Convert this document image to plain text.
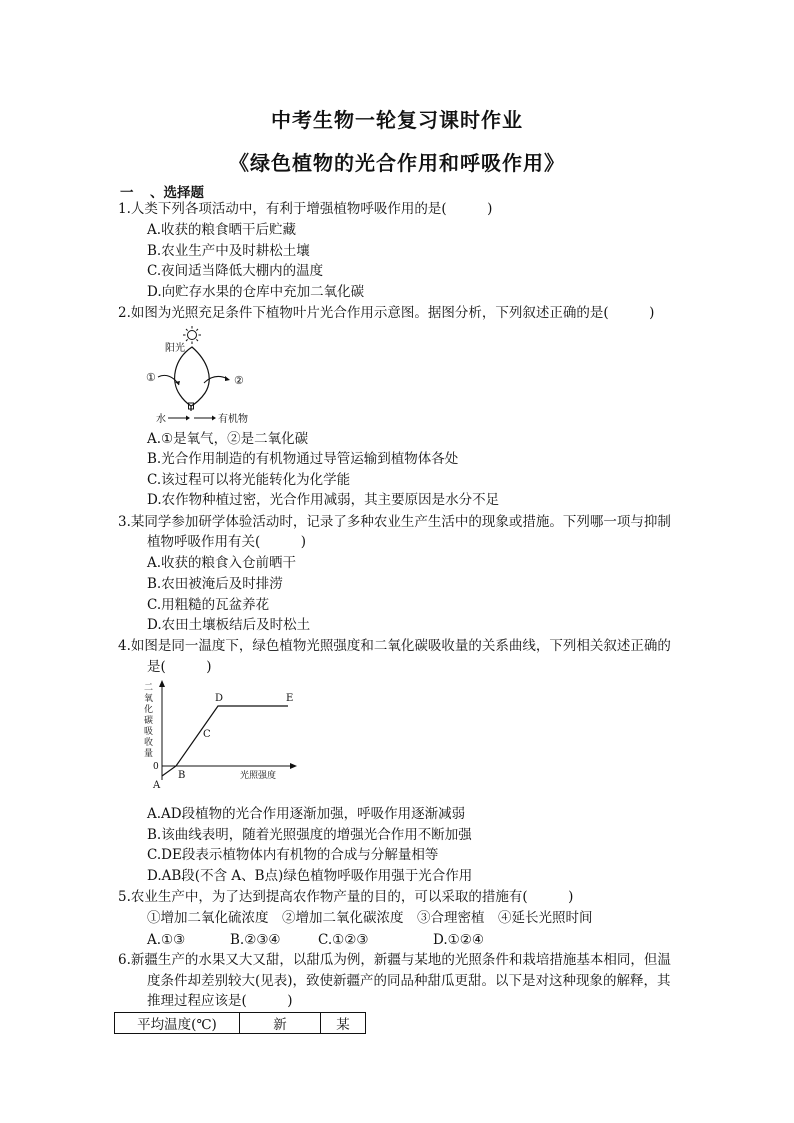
中考生物一轮复习课时作业
《绿色植物的光合作用和呼吸作用》
一 、选择题
1.人类下列各项活动中，有利于增强植物呼吸作用的是(　　　)
A.收获的粮食晒干后贮藏
B.农业生产中及时耕松土壤
C.夜间适当降低大棚内的温度
D.向贮存水果的仓库中充加二氧化碳
2.如图为光照充足条件下植物叶片光合作用示意图。据图分析，下列叙述正确的是(　　　)
阳光
①	②
水	有机物
A.①是氧气，②是二氧化碳
B.光合作用制造的有机物通过导管运输到植物体各处
C.该过程可以将光能转化为化学能
D.农作物种植过密，光合作用减弱，其主要原因是水分不足
3.某同学参加研学体验活动时，记录了多种农业生产生活中的现象或措施。下列哪一项与抑制
植物呼吸作用有关(　　　)
A.收获的粮食入仓前晒干
B.农田被淹后及时排涝
C.用粗糙的瓦盆养花
D.农田土壤板结后及时松土
4.如图是同一温度下，绿色植物光照强度和二氧化碳吸收量的关系曲线，下列相关叙述正确的
是(　　　)
二
氧
化
碳
吸
收
量
0
光照强度
A
B
C
D	E
A.AD段植物的光合作用逐渐加强，呼吸作用逐渐减弱
B.该曲线表明，随着光照强度的增强光合作用不断加强
C.DE段表示植物体内有机物的合成与分解量相等
D.AB段(不含 A、B点)绿色植物呼吸作用强于光合作用
5.农业生产中，为了达到提高农作物产量的目的，可以采取的措施有(　　　)
①增加二氧化硫浓度　②增加二氧化碳浓度　③合理密植　④延长光照时间
A.①③	B.②③④	C.①②③	D.①②④
6.新疆生产的水果又大又甜，以甜瓜为例，新疆与某地的光照条件和栽培措施基本相同，但温
度条件却差别较大(见表)，致使新疆产的同品种甜瓜更甜。以下是对这种现象的解释，其
推理过程应该是(　　　)
平均温度(℃)	新	某
